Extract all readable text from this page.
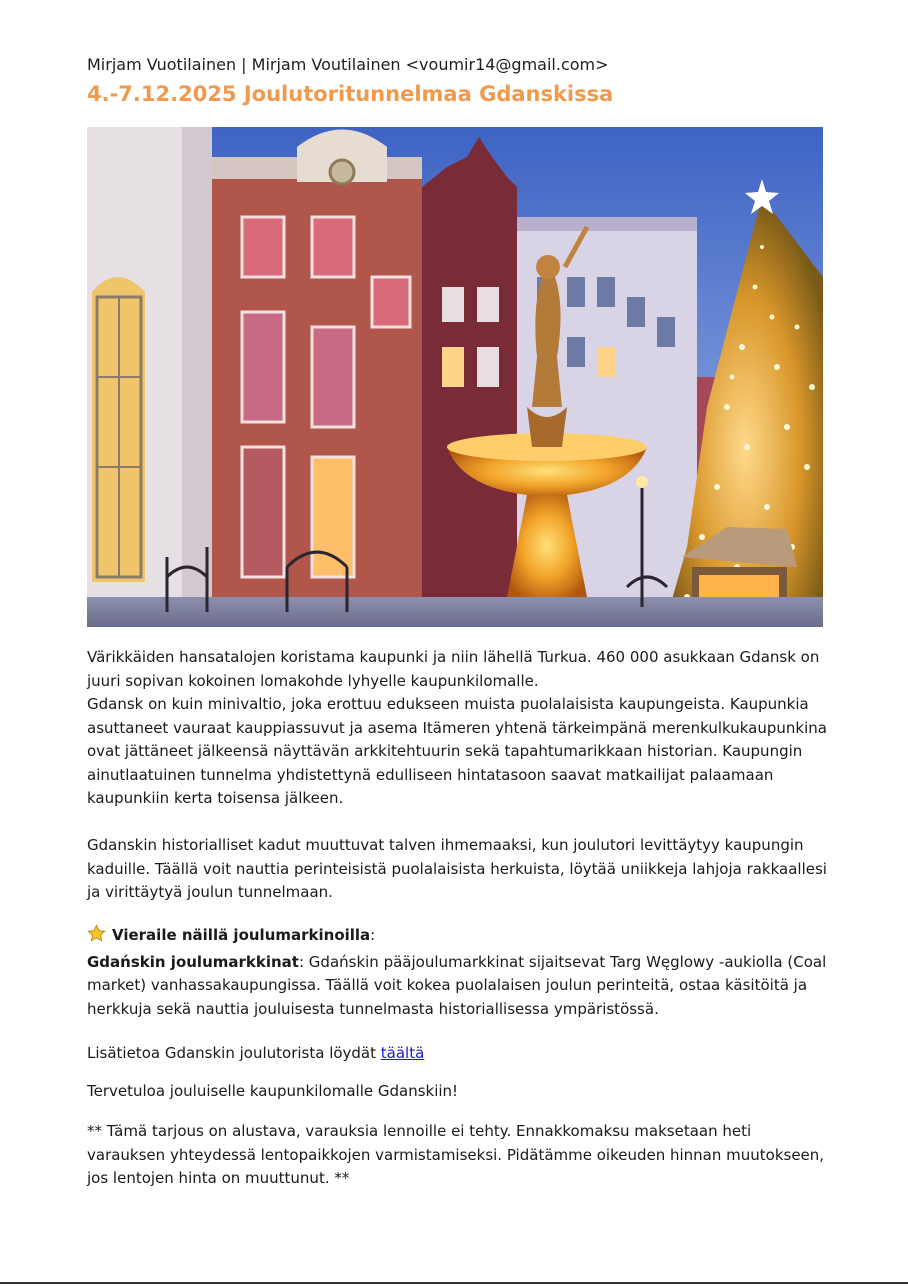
Mirjam Vuotilainen | Mirjam Voutilainen <voumir14@gmail.com>
4.-7.12.2025 Joulutoritunnelmaa Gdanskissa
Värikkäiden hansatalojen koristama kaupunki ja niin lähellä Turkua. 460 000 asukkaan Gdansk on juuri sopivan kokoinen lomakohde lyhyelle kaupunkilomalle.
Gdansk on kuin minivaltio, joka erottuu edukseen muista puolalaisista kaupungeista. Kaupunkia asuttaneet vauraat kauppiassuvut ja asema Itämeren yhtenä tärkeimpänä merenkulkukaupunkina ovat jättäneet jälkeensä näyttävän arkkitehtuurin sekä tapahtumarikkaan historian. Kaupungin ainutlaatuinen tunnelma yhdistettynä edulliseen hintatasoon saavat matkailijat palaamaan kaupunkiin kerta toisensa jälkeen.
Gdanskin historialliset kadut muuttuvat talven ihmemaaksi, kun joulutori levittäytyy kaupungin kaduille. Täällä voit nauttia perinteisistä puolalaisista herkuista, löytää uniikkeja lahjoja rakkaallesi ja virittäytyä joulun tunnelmaan.
Vieraile näillä joulumarkinoilla:
Gdańskin joulumarkkinat: Gdańskin pääjoulumarkkinat sijaitsevat Targ Węglowy -aukiolla (Coal market) vanhassakaupungissa. Täällä voit kokea puolalaisen joulun perinteitä, ostaa käsitöitä ja herkkuja sekä nauttia jouluisesta tunnelmasta historiallisessa ympäristössä.
Lisätietoa Gdanskin joulutorista löydät täältä
Tervetuloa jouluiselle kaupunkilomalle Gdanskiin!
** Tämä tarjous on alustava, varauksia lennoille ei tehty. Ennakkomaksu maksetaan heti varauksen yhteydessä lentopaikkojen varmistamiseksi. Pidätämme oikeuden hinnan muutokseen, jos lentojen hinta on muuttunut. **
